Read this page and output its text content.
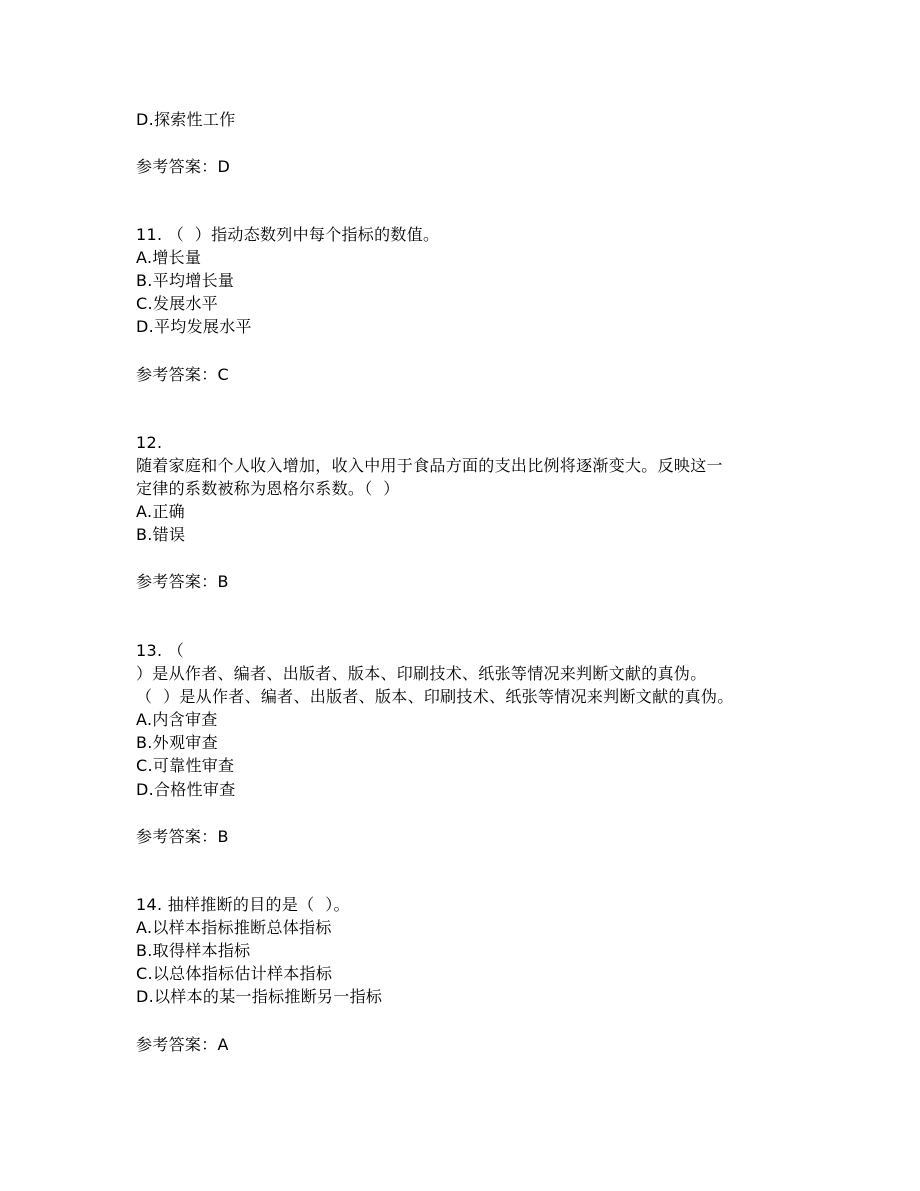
D.探索性工作
参考答案：D
11. （  ）指动态数列中每个指标的数值。
A.增长量
B.平均增长量
C.发展水平
D.平均发展水平
参考答案：C
12.
随着家庭和个人收入增加，收入中用于食品方面的支出比例将逐渐变大。反映这一
定律的系数被称为恩格尔系数。（  ）
A.正确
B.错误
参考答案：B
13. （
）是从作者、编者、出版者、版本、印刷技术、纸张等情况来判断文献的真伪。
（  ）是从作者、编者、出版者、版本、印刷技术、纸张等情况来判断文献的真伪。
A.内含审查
B.外观审查
C.可靠性审查
D.合格性审查
参考答案：B
14. 抽样推断的目的是（  ）。
A.以样本指标推断总体指标
B.取得样本指标
C.以总体指标估计样本指标
D.以样本的某一指标推断另一指标
参考答案：A
